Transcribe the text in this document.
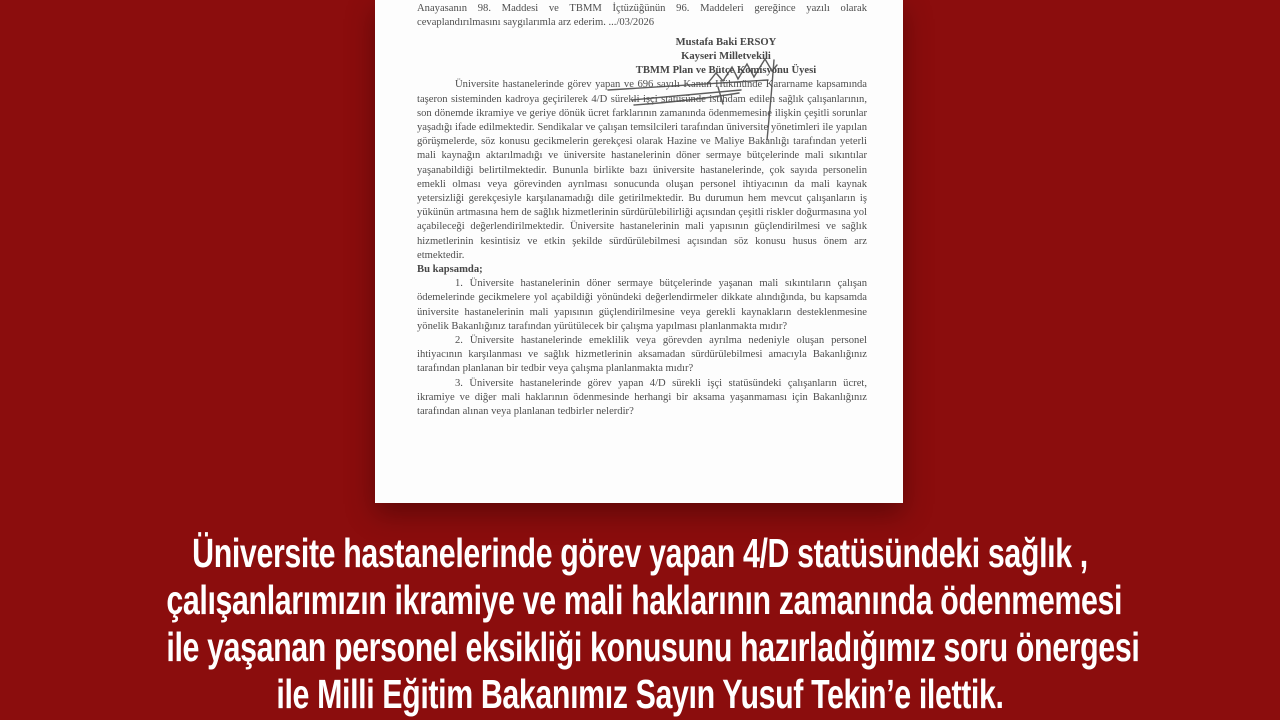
Anayasanın 98. Maddesi ve TBMM İçtüzüğünün 96. Maddeleri gereğince yazılı olarak cevaplandırılmasını saygılarımla arz ederim. .../03/2026

Mustafa Baki ERSOY
Kayseri Milletvekili
TBMM Plan ve Bütçe Komisyonu Üyesi

Üniversite hastanelerinde görev yapan ve 696 sayılı Kanun Hükmünde Kararname kapsamında taşeron sisteminden kadroya geçirilerek 4/D sürekli işçi statüsünde istihdam edilen sağlık çalışanlarının, son dönemde ikramiye ve geriye dönük ücret farklarının zamanında ödenmemesine ilişkin çeşitli sorunlar yaşadığı ifade edilmektedir. Sendikalar ve çalışan temsilcileri tarafından üniversite yönetimleri ile yapılan görüşmelerde, söz konusu gecikmelerin gerekçesi olarak Hazine ve Maliye Bakanlığı tarafından yeterli mali kaynağın aktarılmadığı ve üniversite hastanelerinin döner sermaye bütçelerinde mali sıkıntılar yaşanabildiği belirtilmektedir. Bununla birlikte bazı üniversite hastanelerinde, çok sayıda personelin emekli olması veya görevinden ayrılması sonucunda oluşan personel ihtiyacının da mali kaynak yetersizliği gerekçesiyle karşılanamadığı dile getirilmektedir. Bu durumun hem mevcut çalışanların iş yükünün artmasına hem de sağlık hizmetlerinin sürdürülebilirliği açısından çeşitli riskler doğurmasına yol açabileceği değerlendirilmektedir. Üniversite hastanelerinin mali yapısının güçlendirilmesi ve sağlık hizmetlerinin kesintisiz ve etkin şekilde sürdürülebilmesi açısından söz konusu husus önem arz etmektedir.

Bu kapsamda;

1. Üniversite hastanelerinin döner sermaye bütçelerinde yaşanan mali sıkıntıların çalışan ödemelerinde gecikmelere yol açabildiği yönündeki değerlendirmeler dikkate alındığında, bu kapsamda üniversite hastanelerinin mali yapısının güçlendirilmesine veya gerekli kaynakların desteklenmesine yönelik Bakanlığınız tarafından yürütülecek bir çalışma yapılması planlanmakta mıdır?

2. Üniversite hastanelerinde emeklilik veya görevden ayrılma nedeniyle oluşan personel ihtiyacının karşılanması ve sağlık hizmetlerinin aksamadan sürdürülebilmesi amacıyla Bakanlığınız tarafından planlanan bir tedbir veya çalışma planlanmakta mıdır?

3. Üniversite hastanelerinde görev yapan 4/D sürekli işçi statüsündeki çalışanların ücret, ikramiye ve diğer mali haklarının ödenmesinde herhangi bir aksama yaşanmaması için Bakanlığınız tarafından alınan veya planlanan tedbirler nelerdir?

Üniversite hastanelerinde görev yapan 4/D statüsündeki sağlık ,
çalışanlarımızın ikramiye ve mali haklarının zamanında ödenmemesi
ile yaşanan personel eksikliği konusunu hazırladığımız soru önergesi
ile Milli Eğitim Bakanımız Sayın Yusuf Tekin’e ilettik.
